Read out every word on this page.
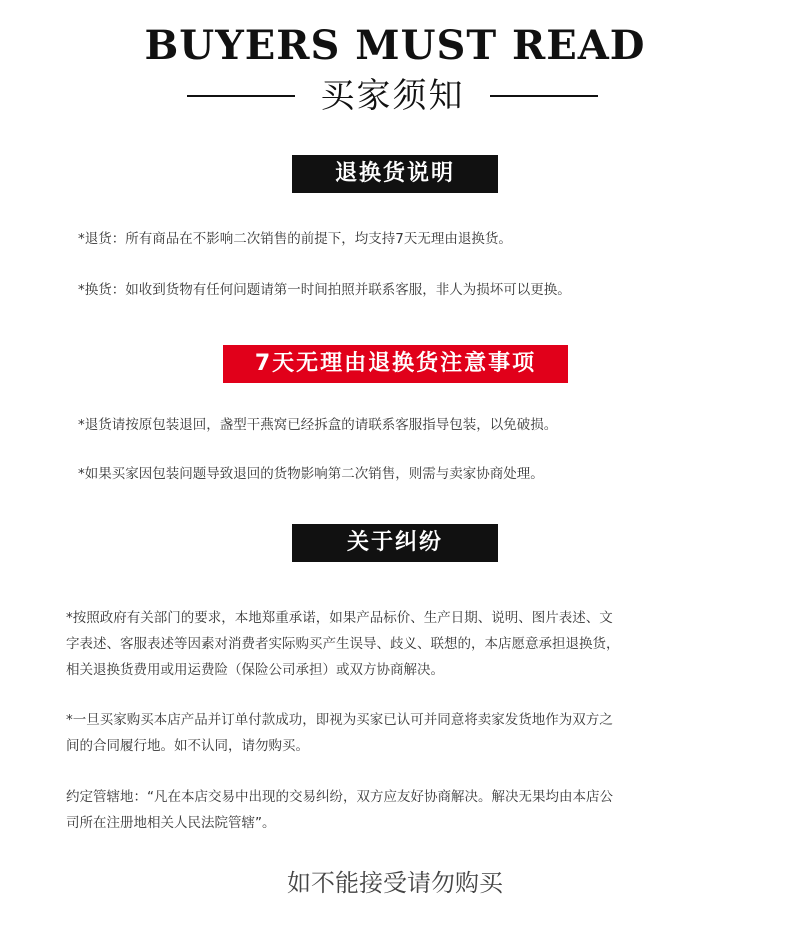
BUYERS MUST READ
买家须知
退换货说明
*退货：所有商品在不影响二次销售的前提下，均支持7天无理由退换货。
*换货：如收到货物有任何问题请第一时间拍照并联系客服，非人为损坏可以更换。
7天无理由退换货注意事项
*退货请按原包装退回，盏型干燕窝已经拆盒的请联系客服指导包装，以免破损。
*如果买家因包装问题导致退回的货物影响第二次销售，则需与卖家协商处理。
关于纠纷
*按照政府有关部门的要求，本地郑重承诺，如果产品标价、生产日期、说明、图片表述、文
字表述、客服表述等因素对消费者实际购买产生误导、歧义、联想的，本店愿意承担退换货，
相关退换货费用或用运费险（保险公司承担）或双方协商解决。
*一旦买家购买本店产品并订单付款成功，即视为买家已认可并同意将卖家发货地作为双方之
间的合同履行地。如不认同，请勿购买。
约定管辖地：“凡在本店交易中出现的交易纠纷，双方应友好协商解决。解决无果均由本店公
司所在注册地相关人民法院管辖”。
如不能接受请勿购买
